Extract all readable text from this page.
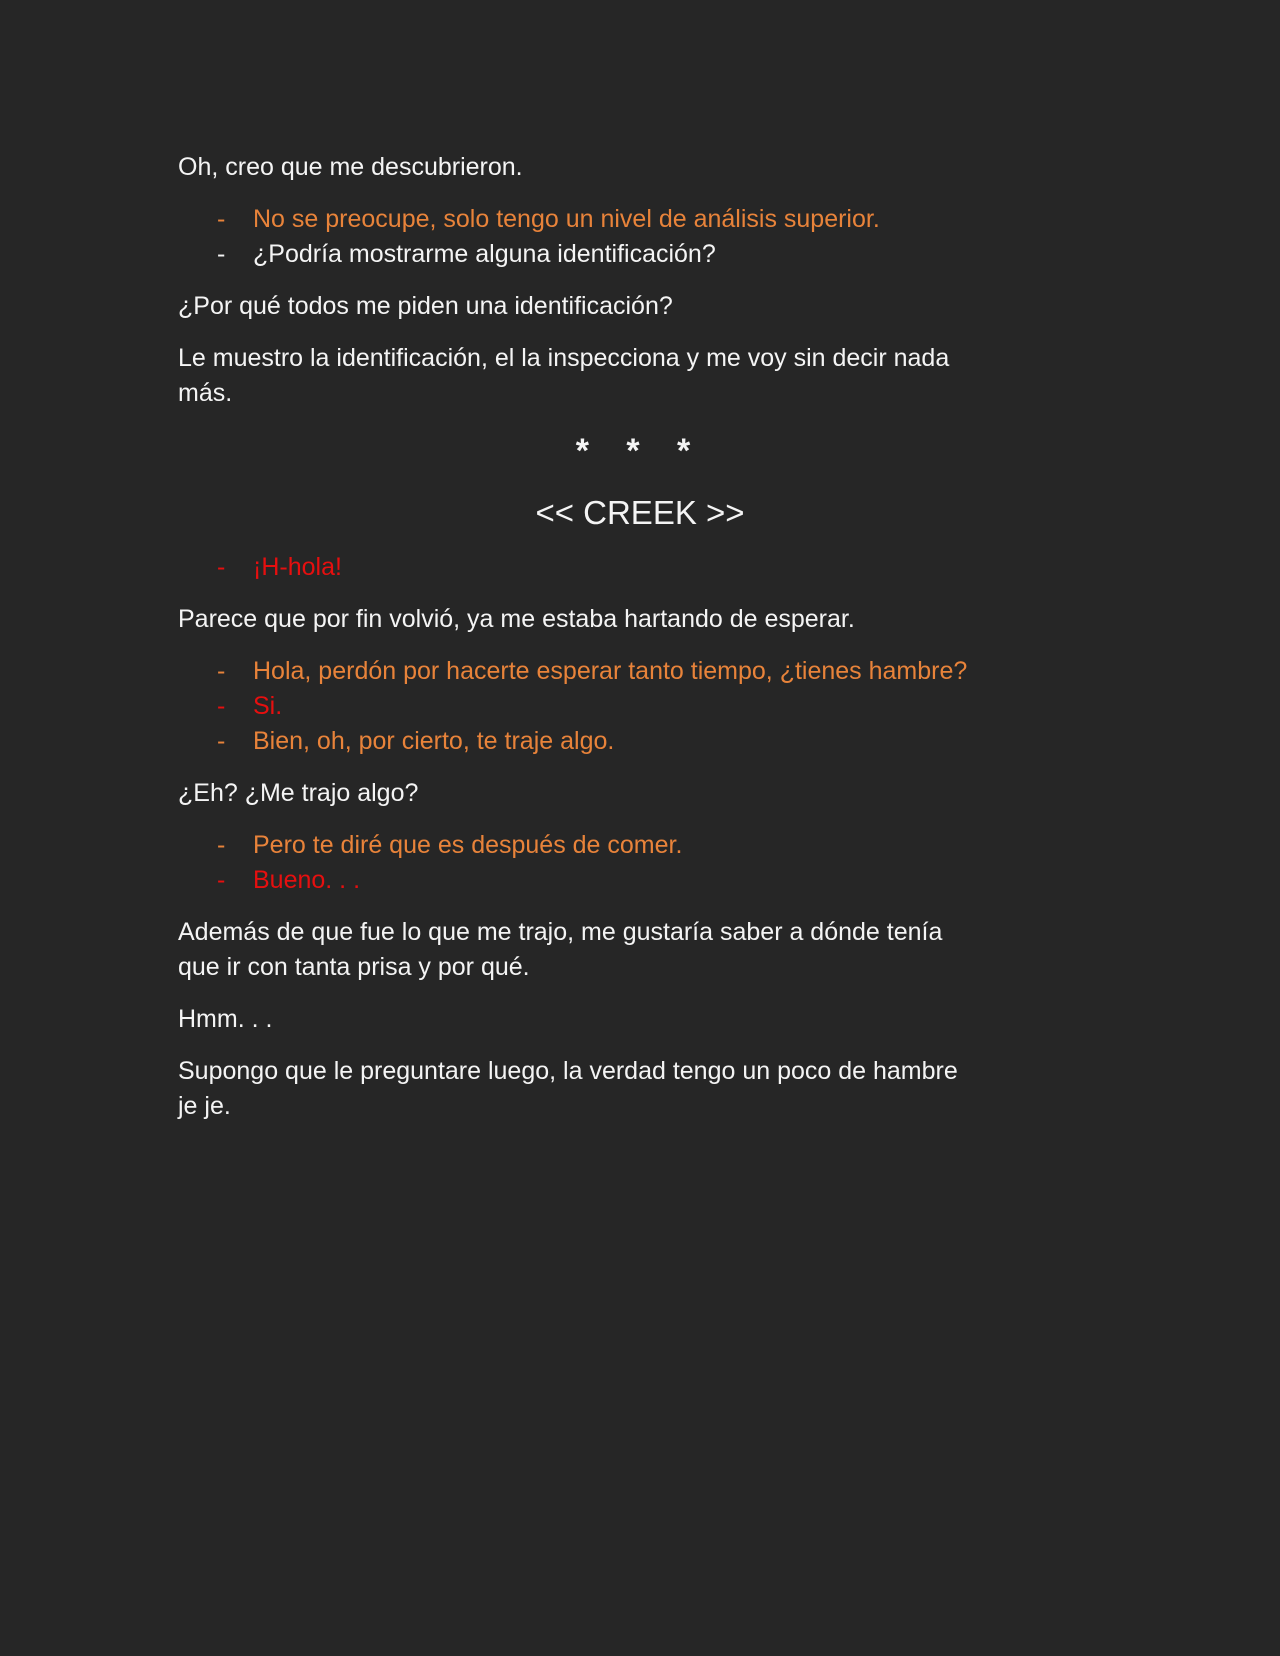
Oh, creo que me descubrieron.

- No se preocupe, solo tengo un nivel de análisis superior.
- ¿Podría mostrarme alguna identificación?

¿Por qué todos me piden una identificación?

Le muestro la identificación, el la inspecciona y me voy sin decir nada
más.

* * *
<< CREEK >>
- ¡H-hola!

Parece que por fin volvió, ya me estaba hartando de esperar.

- Hola, perdón por hacerte esperar tanto tiempo, ¿tienes hambre?
- Si.
- Bien, oh, por cierto, te traje algo.

¿Eh? ¿Me trajo algo?

- Pero te diré que es después de comer.
- Bueno. . .

Además de que fue lo que me trajo, me gustaría saber a dónde tenía
que ir con tanta prisa y por qué.

Hmm. . .

Supongo que le preguntare luego, la verdad tengo un poco de hambre
je je.
